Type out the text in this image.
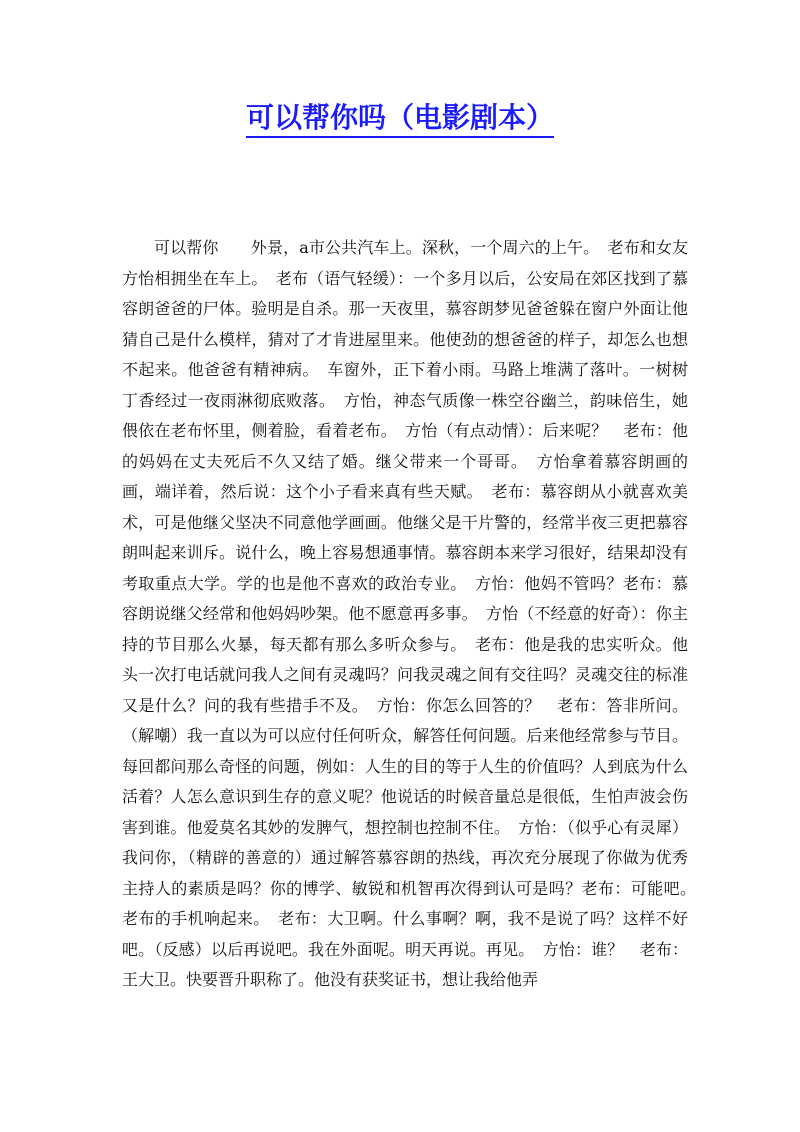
可以帮你吗（电影剧本）

可以帮你　　外景，a市公共汽车上。深秋，一个周六的上午。　老布和女友方怡相拥坐在车上。　老布（语气轻缓）：一个多月以后，公安局在郊区找到了慕容朗爸爸的尸体。验明是自杀。那一天夜里，慕容朗梦见爸爸躲在窗户外面让他猜自己是什么模样，猜对了才肯进屋里来。他使劲的想爸爸的样子，却怎么也想不起来。他爸爸有精神病。　车窗外，正下着小雨。马路上堆满了落叶。一树树丁香经过一夜雨淋彻底败落。　方怡，神态气质像一株空谷幽兰，韵味倍生，她偎依在老布怀里，侧着脸，看着老布。　方怡（有点动情）：后来呢？　老布：他的妈妈在丈夫死后不久又结了婚。继父带来一个哥哥。　方怡拿着慕容朗画的画，端详着，然后说：这个小子看来真有些天赋。　老布：慕容朗从小就喜欢美术，可是他继父坚决不同意他学画画。他继父是干片警的，经常半夜三更把慕容朗叫起来训斥。说什么，晚上容易想通事情。慕容朗本来学习很好，结果却没有考取重点大学。学的也是他不喜欢的政治专业。　方怡：他妈不管吗？老布：慕容朗说继父经常和他妈妈吵架。他不愿意再多事。　方怡（不经意的好奇）：你主持的节目那么火暴，每天都有那么多听众参与。　老布：他是我的忠实听众。他头一次打电话就问我人之间有灵魂吗？问我灵魂之间有交往吗？灵魂交往的标准又是什么？问的我有些措手不及。　方怡：你怎么回答的？　老布：答非所问。（解嘲）我一直以为可以应付任何听众，解答任何问题。后来他经常参与节目。每回都问那么奇怪的问题，例如：人生的目的等于人生的价值吗？人到底为什么活着？人怎么意识到生存的意义呢？他说话的时候音量总是很低，生怕声波会伤害到谁。他爱莫名其妙的发脾气，想控制也控制不住。　方怡：（似乎心有灵犀）我问你，（精辟的善意的）通过解答慕容朗的热线，再次充分展现了你做为优秀主持人的素质是吗？你的博学、敏锐和机智再次得到认可是吗？老布：可能吧。　老布的手机响起来。　老布：大卫啊。什么事啊？啊，我不是说了吗？这样不好吧。（反感）以后再说吧。我在外面呢。明天再说。再见。　方怡：谁？　老布：王大卫。快要晋升职称了。他没有获奖证书，想让我给他弄
